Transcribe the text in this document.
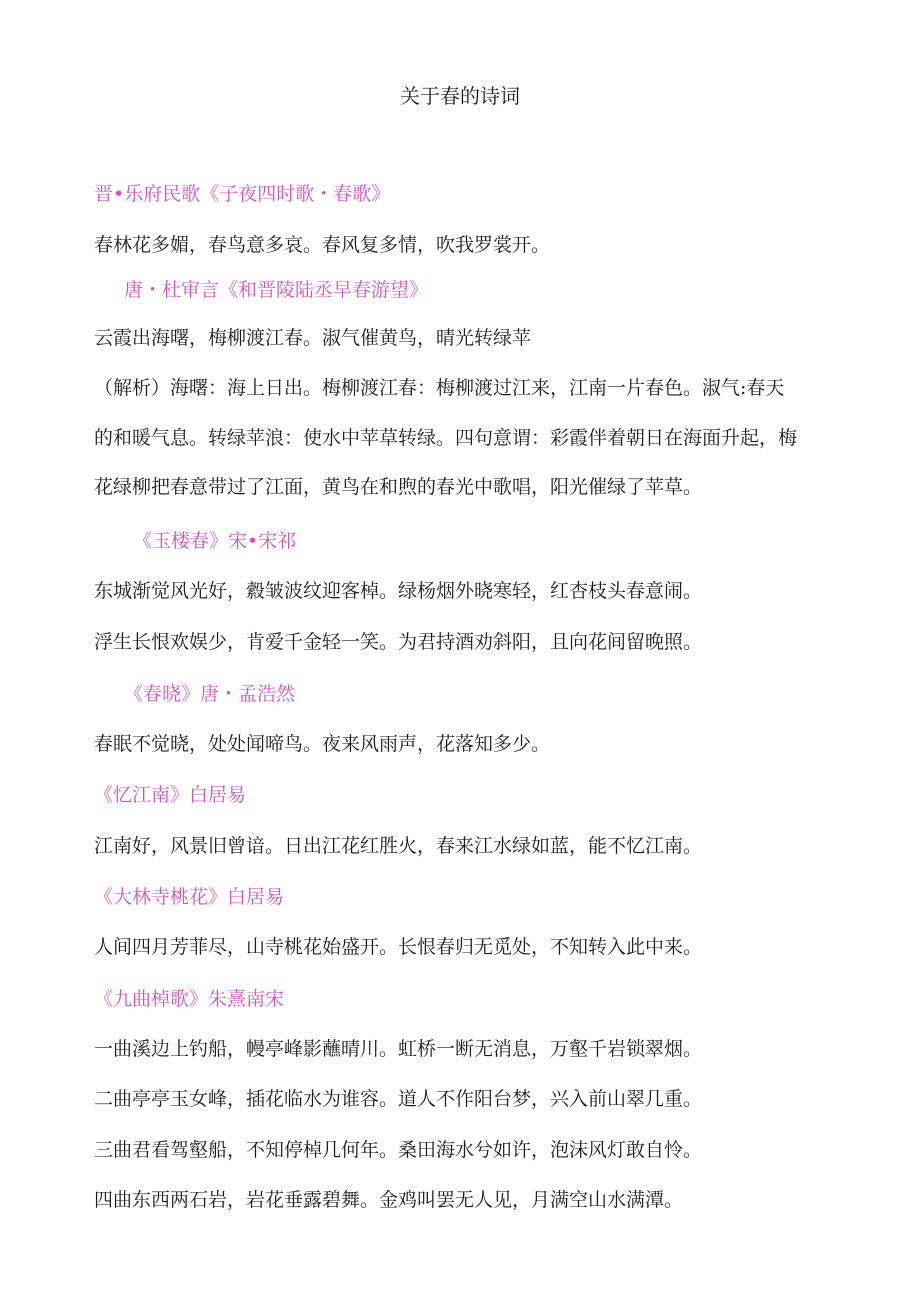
关于春的诗词
晋•乐府民歌《子夜四时歌・春歌》
春林花多媚，春鸟意多哀。春风复多情，吹我罗裳开。
唐・杜审言《和晋陵陆丞早春游望》
云霞出海曙，梅柳渡江春。淑气催黄鸟，晴光转绿苹
（解析）海曙：海上日出。梅柳渡江春：梅柳渡过江来，江南一片春色。淑气:春天
的和暖气息。转绿苹浪：使水中苹草转绿。四句意谓：彩霞伴着朝日在海面升起，梅
花绿柳把春意带过了江面，黄鸟在和煦的春光中歌唱，阳光催绿了苹草。
《玉楼春》宋•宋祁
东城渐觉风光好，縠皱波纹迎客棹。绿杨烟外晓寒轻，红杏枝头春意闹。
浮生长恨欢娱少，肯爱千金轻一笑。为君持酒劝斜阳，且向花间留晚照。
《春晓》唐・孟浩然
春眠不觉晓，处处闻啼鸟。夜来风雨声，花落知多少。
《忆江南》白居易
江南好，风景旧曾谙。日出江花红胜火，春来江水绿如蓝，能不忆江南。
《大林寺桃花》白居易
人间四月芳菲尽，山寺桃花始盛开。长恨春归无觅处，不知转入此中来。
《九曲棹歌》朱熹南宋
一曲溪边上钓船，幔亭峰影蘸晴川。虹桥一断无消息，万壑千岩锁翠烟。
二曲亭亭玉女峰，插花临水为谁容。道人不作阳台梦，兴入前山翠几重。
三曲君看驾壑船，不知停棹几何年。桑田海水兮如许，泡沫风灯敢自怜。
四曲东西两石岩，岩花垂露碧舞。金鸡叫罢无人见，月满空山水满潭。
